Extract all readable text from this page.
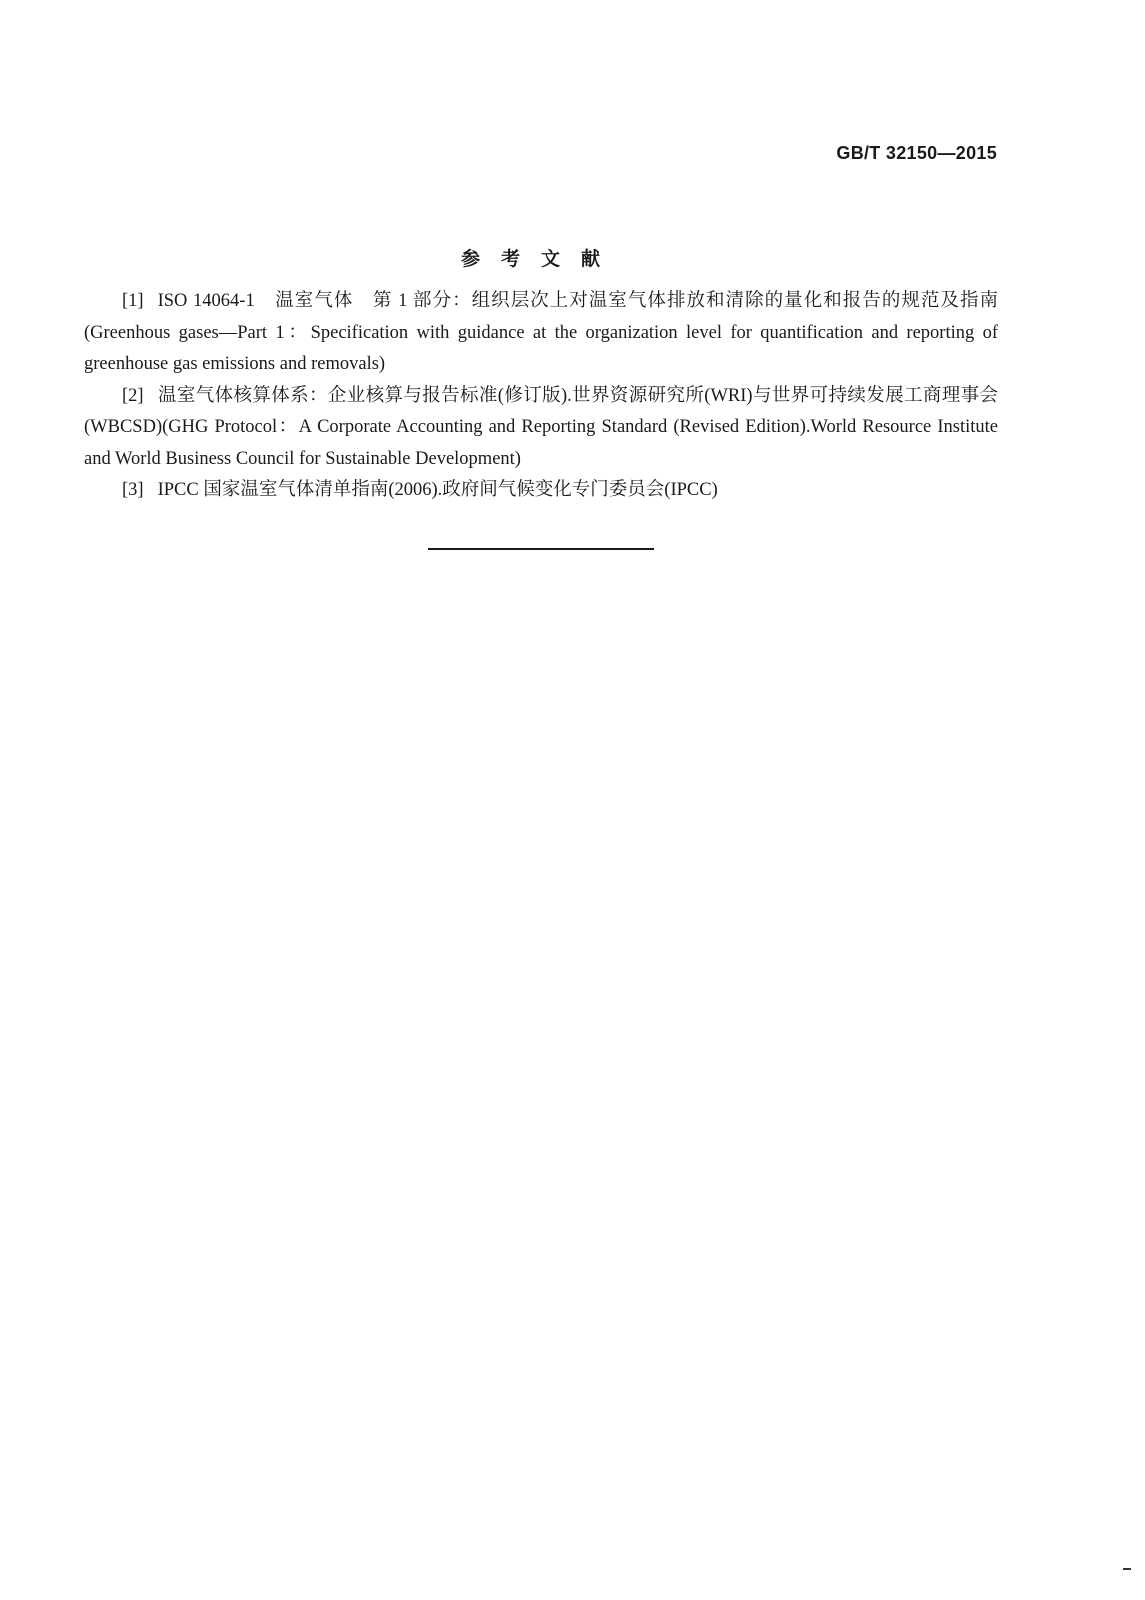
GB/T 32150—2015
参考文献

[1] ISO 14064-1　温室气体　第 1 部分：组织层次上对温室气体排放和清除的量化和报告的规范及指南(Greenhous gases—Part 1：Specification with guidance at the organization level for quantification and reporting of greenhouse gas emissions and removals)

[2] 温室气体核算体系：企业核算与报告标准(修订版).世界资源研究所(WRI)与世界可持续发展工商理事会(WBCSD)(GHG Protocol：A Corporate Accounting and Reporting Standard (Revised Edition).World Resource Institute and World Business Council for Sustainable Development)

[3] IPCC 国家温室气体清单指南(2006).政府间气候变化专门委员会(IPCC)
